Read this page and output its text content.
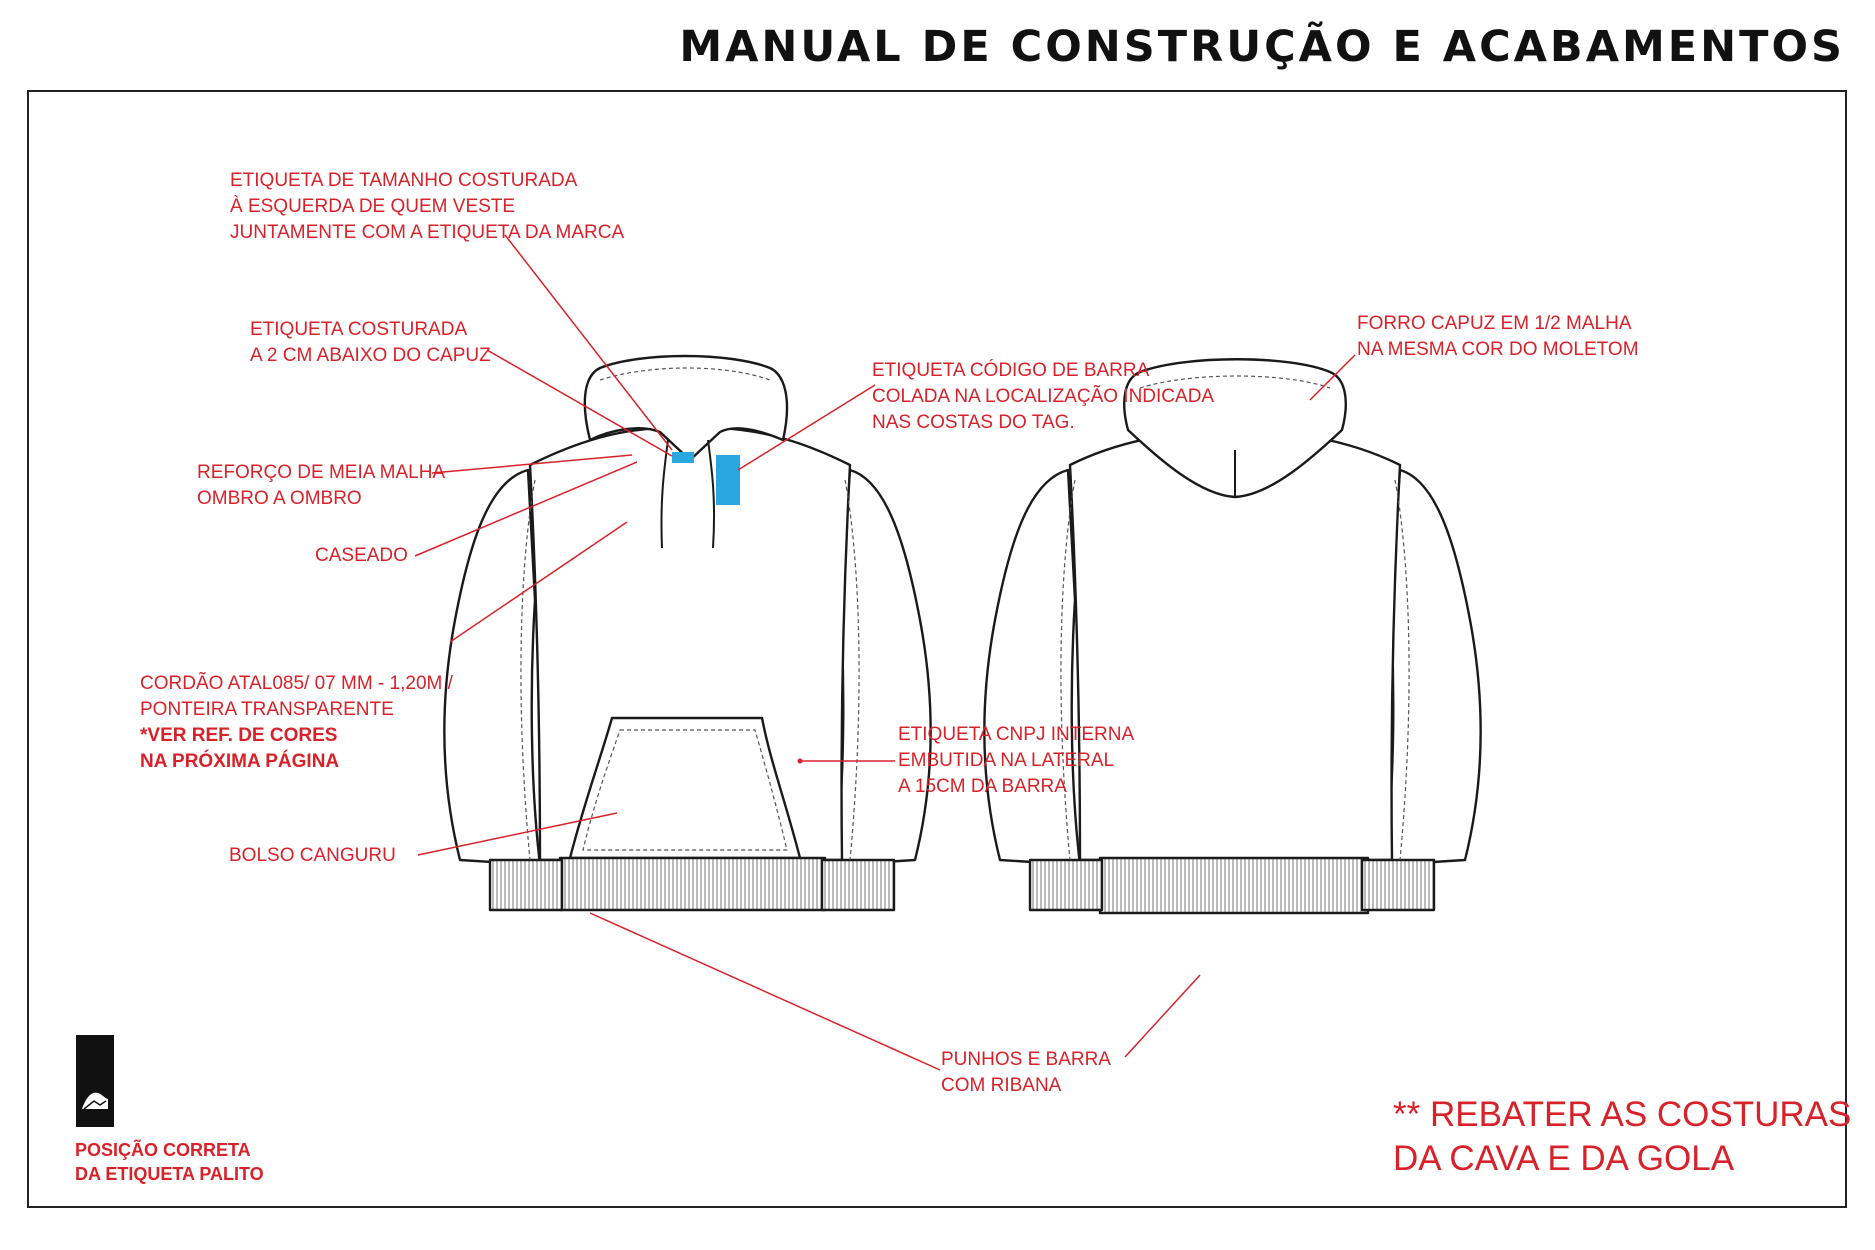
MANUAL DE CONSTRUÇÃO E ACABAMENTOS
ETIQUETA DE TAMANHO COSTURADA
À ESQUERDA DE QUEM VESTE
JUNTAMENTE COM A ETIQUETA DA MARCA
ETIQUETA COSTURADA
A 2 CM ABAIXO DO CAPUZ
ETIQUETA CÓDIGO DE BARRA
COLADA NA LOCALIZAÇÃO INDICADA
NAS COSTAS DO TAG.
REFORÇO DE MEIA MALHA
OMBRO A OMBRO
CASEADO
CORDÃO ATAL085/ 07 MM - 1,20M /
PONTEIRA TRANSPARENTE
*VER REF. DE CORES
NA PRÓXIMA PÁGINA
ETIQUETA CNPJ INTERNA
EMBUTIDA NA LATERAL
A 15CM DA BARRA
BOLSO CANGURU
FORRO CAPUZ EM 1/2 MALHA
NA MESMA COR DO MOLETOM
PUNHOS E BARRA
COM RIBANA
** REBATER AS COSTURAS
DA CAVA E DA GOLA
POSIÇÃO CORRETA
DA ETIQUETA PALITO
